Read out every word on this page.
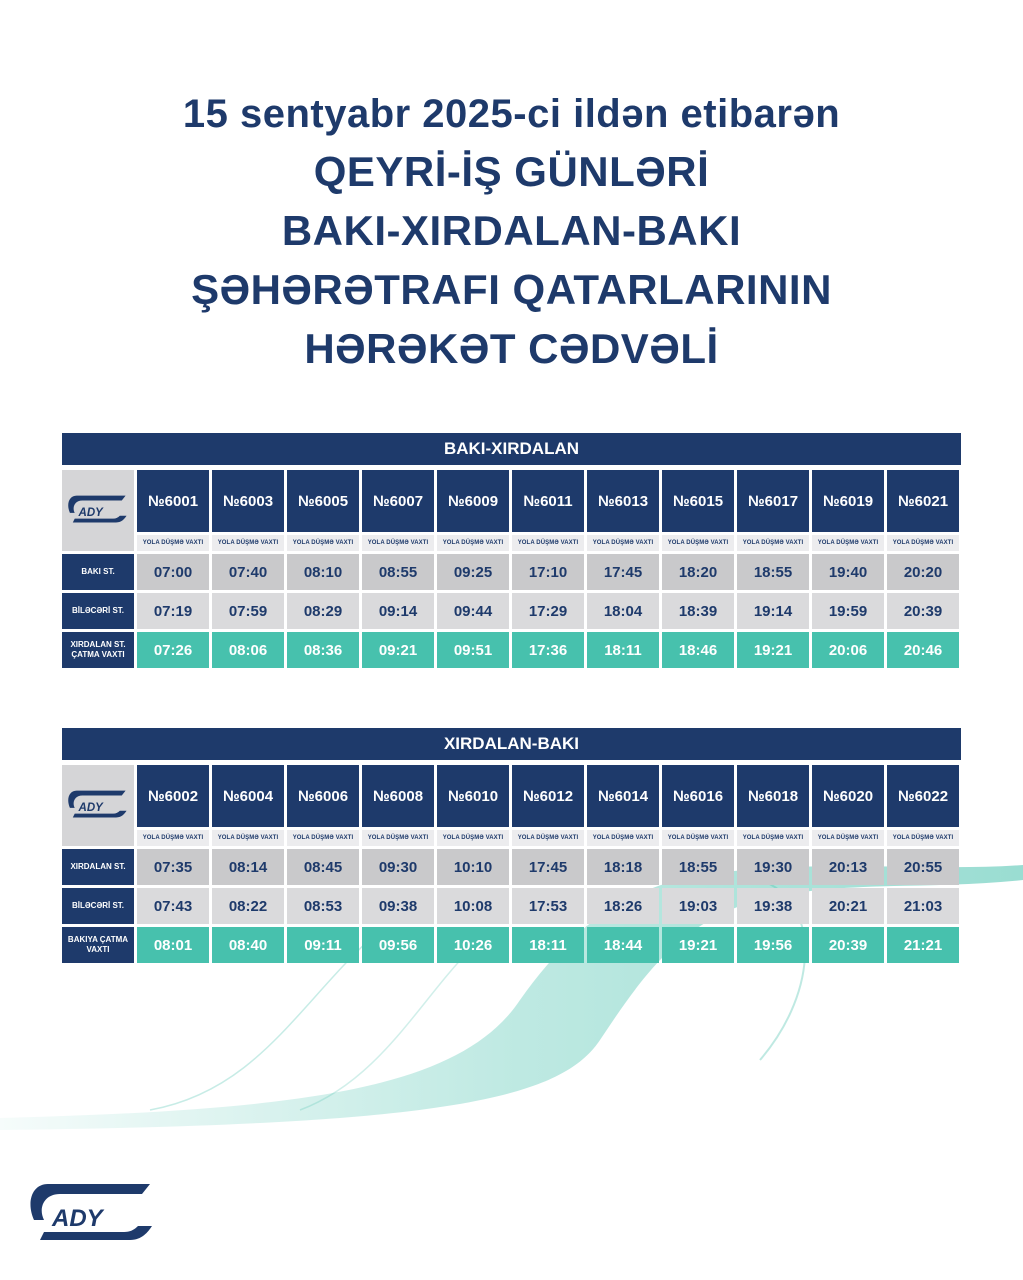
15 sentyabr 2025-ci ildən etibarən
QEYRİ-İŞ GÜNLƏRİ
BAKI-XIRDALAN-BAKI
ŞƏHƏRƏTRAFI QATARLARININ
HƏRƏKƏT CƏDVƏLİ
BAKI-XIRDALAN
ADY
№6001	№6003	№6005	№6007	№6009	№6011	№6013	№6015	№6017	№6019	№6021
YOLA DÜŞMƏ VAXTI	YOLA DÜŞMƏ VAXTI	YOLA DÜŞMƏ VAXTI	YOLA DÜŞMƏ VAXTI	YOLA DÜŞMƏ VAXTI	YOLA DÜŞMƏ VAXTI	YOLA DÜŞMƏ VAXTI	YOLA DÜŞMƏ VAXTI	YOLA DÜŞMƏ VAXTI	YOLA DÜŞMƏ VAXTI	YOLA DÜŞMƏ VAXTI
BAKI ST.	07:00	07:40	08:10	08:55	09:25	17:10	17:45	18:20	18:55	19:40	20:20
BİLƏCƏRİ ST.	07:19	07:59	08:29	09:14	09:44	17:29	18:04	18:39	19:14	19:59	20:39
XIRDALAN ST. ÇATMA VAXTI	07:26	08:06	08:36	09:21	09:51	17:36	18:11	18:46	19:21	20:06	20:46
XIRDALAN-BAKI
ADY
№6002	№6004	№6006	№6008	№6010	№6012	№6014	№6016	№6018	№6020	№6022
YOLA DÜŞMƏ VAXTI	YOLA DÜŞMƏ VAXTI	YOLA DÜŞMƏ VAXTI	YOLA DÜŞMƏ VAXTI	YOLA DÜŞMƏ VAXTI	YOLA DÜŞMƏ VAXTI	YOLA DÜŞMƏ VAXTI	YOLA DÜŞMƏ VAXTI	YOLA DÜŞMƏ VAXTI	YOLA DÜŞMƏ VAXTI	YOLA DÜŞMƏ VAXTI
XIRDALAN ST.	07:35	08:14	08:45	09:30	10:10	17:45	18:18	18:55	19:30	20:13	20:55
BİLƏCƏRİ ST.	07:43	08:22	08:53	09:38	10:08	17:53	18:26	19:03	19:38	20:21	21:03
BAKIYA ÇATMA VAXTI	08:01	08:40	09:11	09:56	10:26	18:11	18:44	19:21	19:56	20:39	21:21
ADY
